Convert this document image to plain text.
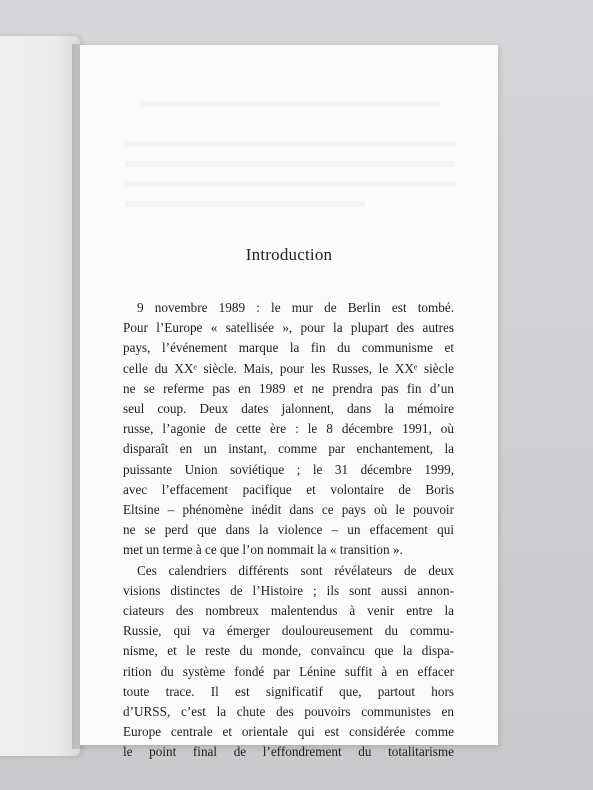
Introduction
9 novembre 1989 : le mur de Berlin est tombé.
Pour l’Europe « satellisée », pour la plupart des autres
pays, l’événement marque la fin du communisme et
celle du XXᵉ siècle. Mais, pour les Russes, le XXᵉ siècle
ne se referme pas en 1989 et ne prendra pas fin d’un
seul coup. Deux dates jalonnent, dans la mémoire
russe, l’agonie de cette ère : le 8 décembre 1991, où
disparaît en un instant, comme par enchantement, la
puissante Union soviétique ; le 31 décembre 1999,
avec l’effacement pacifique et volontaire de Boris
Eltsine – phénomène inédit dans ce pays où le pouvoir
ne se perd que dans la violence – un effacement qui
met un terme à ce que l’on nommait la « transition ».
Ces calendriers différents sont révélateurs de deux
visions distinctes de l’Histoire ; ils sont aussi annon-
ciateurs des nombreux malentendus à venir entre la
Russie, qui va émerger douloureusement du commu-
nisme, et le reste du monde, convaincu que la dispa-
rition du système fondé par Lénine suffit à en effacer
toute trace. Il est significatif que, partout hors
d’URSS, c’est la chute des pouvoirs communistes en
Europe centrale et orientale qui est considérée comme
le point final de l’effondrement du totalitarisme
